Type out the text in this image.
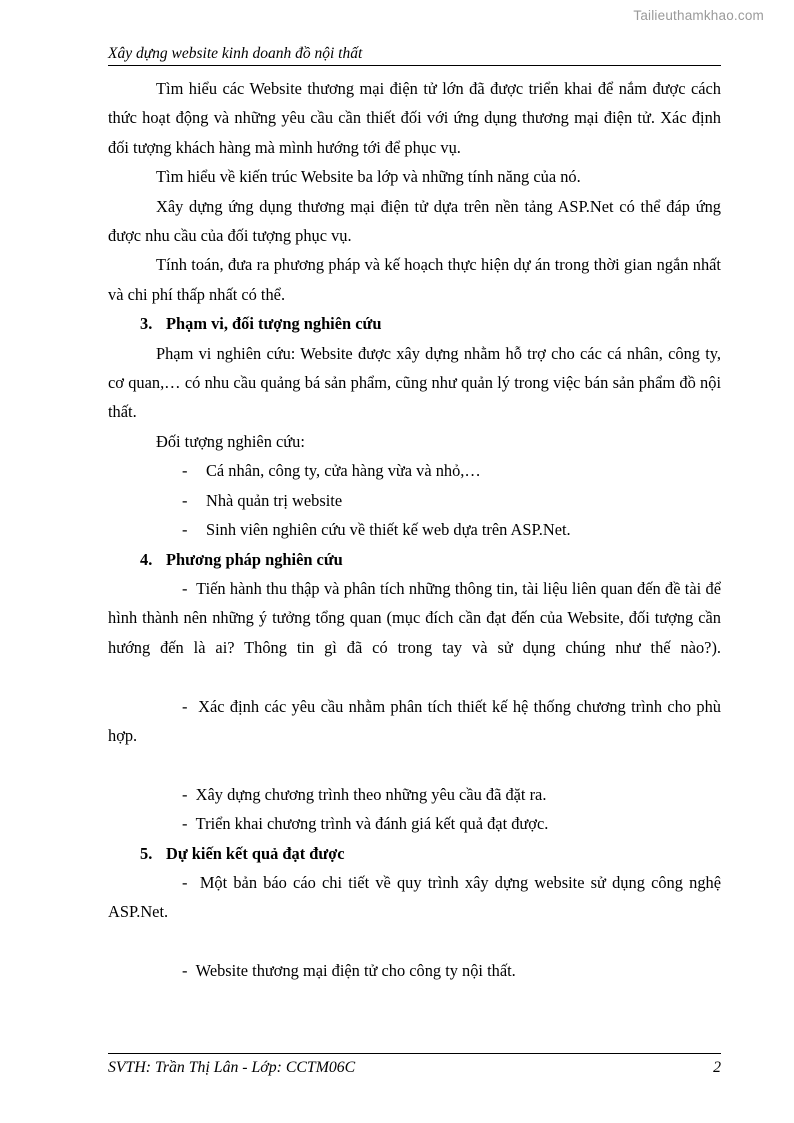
Tailieuthamkhao.com
Xây dựng website kinh doanh đồ nội thất

Tìm hiểu các Website thương mại điện tử lớn đã được triển khai để nắm được cách thức hoạt động và những yêu cầu cần thiết đối với ứng dụng thương mại điện tử. Xác định đối tượng khách hàng mà mình hướng tới để phục vụ.

Tìm hiểu về kiến trúc Website ba lớp và những tính năng của nó.

Xây dựng ứng dụng thương mại điện tử dựa trên nền tảng ASP.Net có thể đáp ứng được nhu cầu của đối tượng phục vụ.

Tính toán, đưa ra phương pháp và kế hoạch thực hiện dự án trong thời gian ngắn nhất và chi phí thấp nhất có thể.

3. Phạm vi, đối tượng nghiên cứu

Phạm vi nghiên cứu: Website được xây dựng nhằm hỗ trợ cho các cá nhân, công ty, cơ quan,… có nhu cầu quảng bá sản phẩm, cũng như quản lý trong việc bán sản phẩm đồ nội thất.

Đối tượng nghiên cứu:

-	Cá nhân, công ty, cửa hàng vừa và nhỏ,…
-	Nhà quản trị website
-	Sinh viên nghiên cứu về thiết kế web dựa trên ASP.Net.
4. Phương pháp nghiên cứu

- Tiến hành thu thập và phân tích những thông tin, tài liệu liên quan đến đề tài để hình thành nên những ý tưởng tổng quan (mục đích cần đạt đến của Website, đối tượng cần hướng đến là ai? Thông tin gì đã có trong tay và sử dụng chúng như thế nào?).

- Xác định các yêu cầu nhằm phân tích thiết kế hệ thống chương trình cho phù hợp.

- Xây dựng chương trình theo những yêu cầu đã đặt ra.

- Triển khai chương trình và đánh giá kết quả đạt được.

5. Dự kiến kết quả đạt được

- Một bản báo cáo chi tiết về quy trình xây dựng website sử dụng công nghệ ASP.Net.

- Website thương mại điện tử cho công ty nội thất.

SVTH: Trần Thị Lân - Lớp: CCTM06C	2
